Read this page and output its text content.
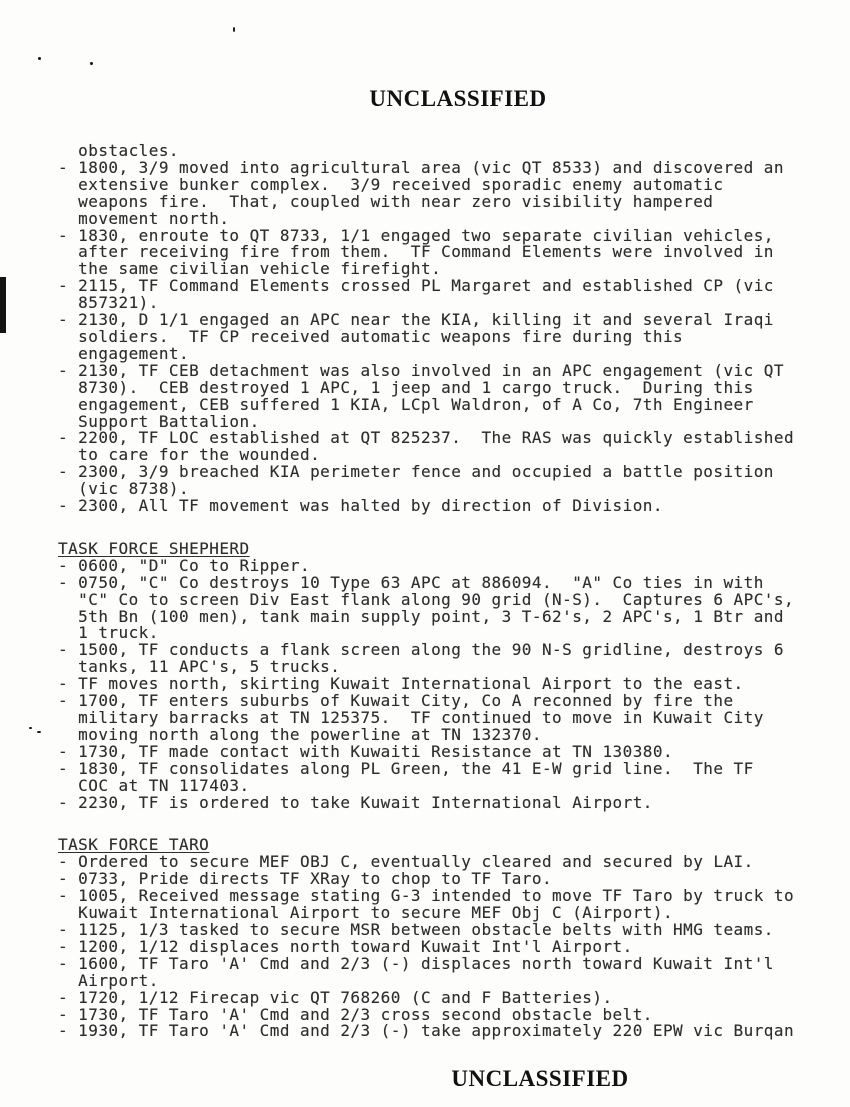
UNCLASSIFIED
obstacles.
- 1800, 3/9 moved into agricultural area (vic QT 8533) and discovered an
extensive bunker complex.  3/9 received sporadic enemy automatic
weapons fire.  That, coupled with near zero visibility hampered
movement north.
- 1830, enroute to QT 8733, 1/1 engaged two separate civilian vehicles,
after receiving fire from them.  TF Command Elements were involved in
the same civilian vehicle firefight.
- 2115, TF Command Elements crossed PL Margaret and established CP (vic
857321).
- 2130, D 1/1 engaged an APC near the KIA, killing it and several Iraqi
soldiers.  TF CP received automatic weapons fire during this
engagement.
- 2130, TF CEB detachment was also involved in an APC engagement (vic QT
8730).  CEB destroyed 1 APC, 1 jeep and 1 cargo truck.  During this
engagement, CEB suffered 1 KIA, LCpl Waldron, of A Co, 7th Engineer
Support Battalion.
- 2200, TF LOC established at QT 825237.  The RAS was quickly established
to care for the wounded.
- 2300, 3/9 breached KIA perimeter fence and occupied a battle position
(vic 8738).
- 2300, All TF movement was halted by direction of Division.
TASK FORCE SHEPHERD
- 0600, "D" Co to Ripper.
- 0750, "C" Co destroys 10 Type 63 APC at 886094.  "A" Co ties in with
"C" Co to screen Div East flank along 90 grid (N-S).  Captures 6 APC's,
5th Bn (100 men), tank main supply point, 3 T-62's, 2 APC's, 1 Btr and
1 truck.
- 1500, TF conducts a flank screen along the 90 N-S gridline, destroys 6
tanks, 11 APC's, 5 trucks.
- TF moves north, skirting Kuwait International Airport to the east.
- 1700, TF enters suburbs of Kuwait City, Co A reconned by fire the
military barracks at TN 125375.  TF continued to move in Kuwait City
moving north along the powerline at TN 132370.
- 1730, TF made contact with Kuwaiti Resistance at TN 130380.
- 1830, TF consolidates along PL Green, the 41 E-W grid line.  The TF
COC at TN 117403.
- 2230, TF is ordered to take Kuwait International Airport.
TASK FORCE TARO
- Ordered to secure MEF OBJ C, eventually cleared and secured by LAI.
- 0733, Pride directs TF XRay to chop to TF Taro.
- 1005, Received message stating G-3 intended to move TF Taro by truck to
Kuwait International Airport to secure MEF Obj C (Airport).
- 1125, 1/3 tasked to secure MSR between obstacle belts with HMG teams.
- 1200, 1/12 displaces north toward Kuwait Int'l Airport.
- 1600, TF Taro 'A' Cmd and 2/3 (-) displaces north toward Kuwait Int'l
Airport.
- 1720, 1/12 Firecap vic QT 768260 (C and F Batteries).
- 1730, TF Taro 'A' Cmd and 2/3 cross second obstacle belt.
- 1930, TF Taro 'A' Cmd and 2/3 (-) take approximately 220 EPW vic Burqan
UNCLASSIFIED
